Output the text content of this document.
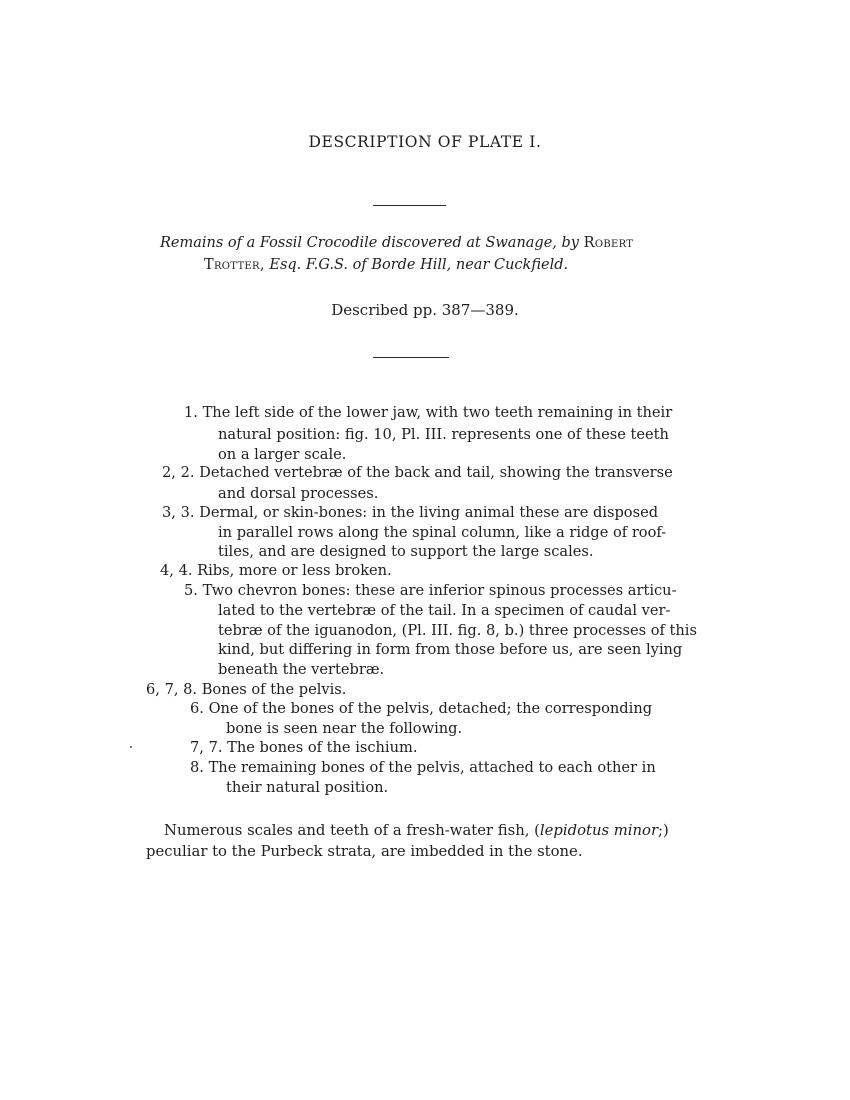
DESCRIPTION OF PLATE I.
Remains of a Fossil Crocodile discovered at Swanage, by Robert
Trotter, Esq. F.G.S. of Borde Hill, near Cuckfield.
Described pp. 387—389.
1. The left side of the lower jaw, with two teeth remaining in their
natural position: fig. 10, Pl. III. represents one of these teeth
on a larger scale.
2, 2. Detached vertebræ of the back and tail, showing the transverse
and dorsal processes.
3, 3. Dermal, or skin-bones: in the living animal these are disposed
in parallel rows along the spinal column, like a ridge of roof-
tiles, and are designed to support the large scales.
4, 4. Ribs, more or less broken.
5. Two chevron bones: these are inferior spinous processes articu-
lated to the vertebræ of the tail. In a specimen of caudal ver-
tebræ of the iguanodon, (Pl. III. fig. 8, b.) three processes of this
kind, but differing in form from those before us, are seen lying
beneath the vertebræ.
6, 7, 8. Bones of the pelvis.
6. One of the bones of the pelvis, detached; the corresponding
bone is seen near the following.
7, 7. The bones of the ischium.
8. The remaining bones of the pelvis, attached to each other in
their natural position.
Numerous scales and teeth of a fresh-water fish, (lepidotus minor;)
peculiar to the Purbeck strata, are imbedded in the stone.
